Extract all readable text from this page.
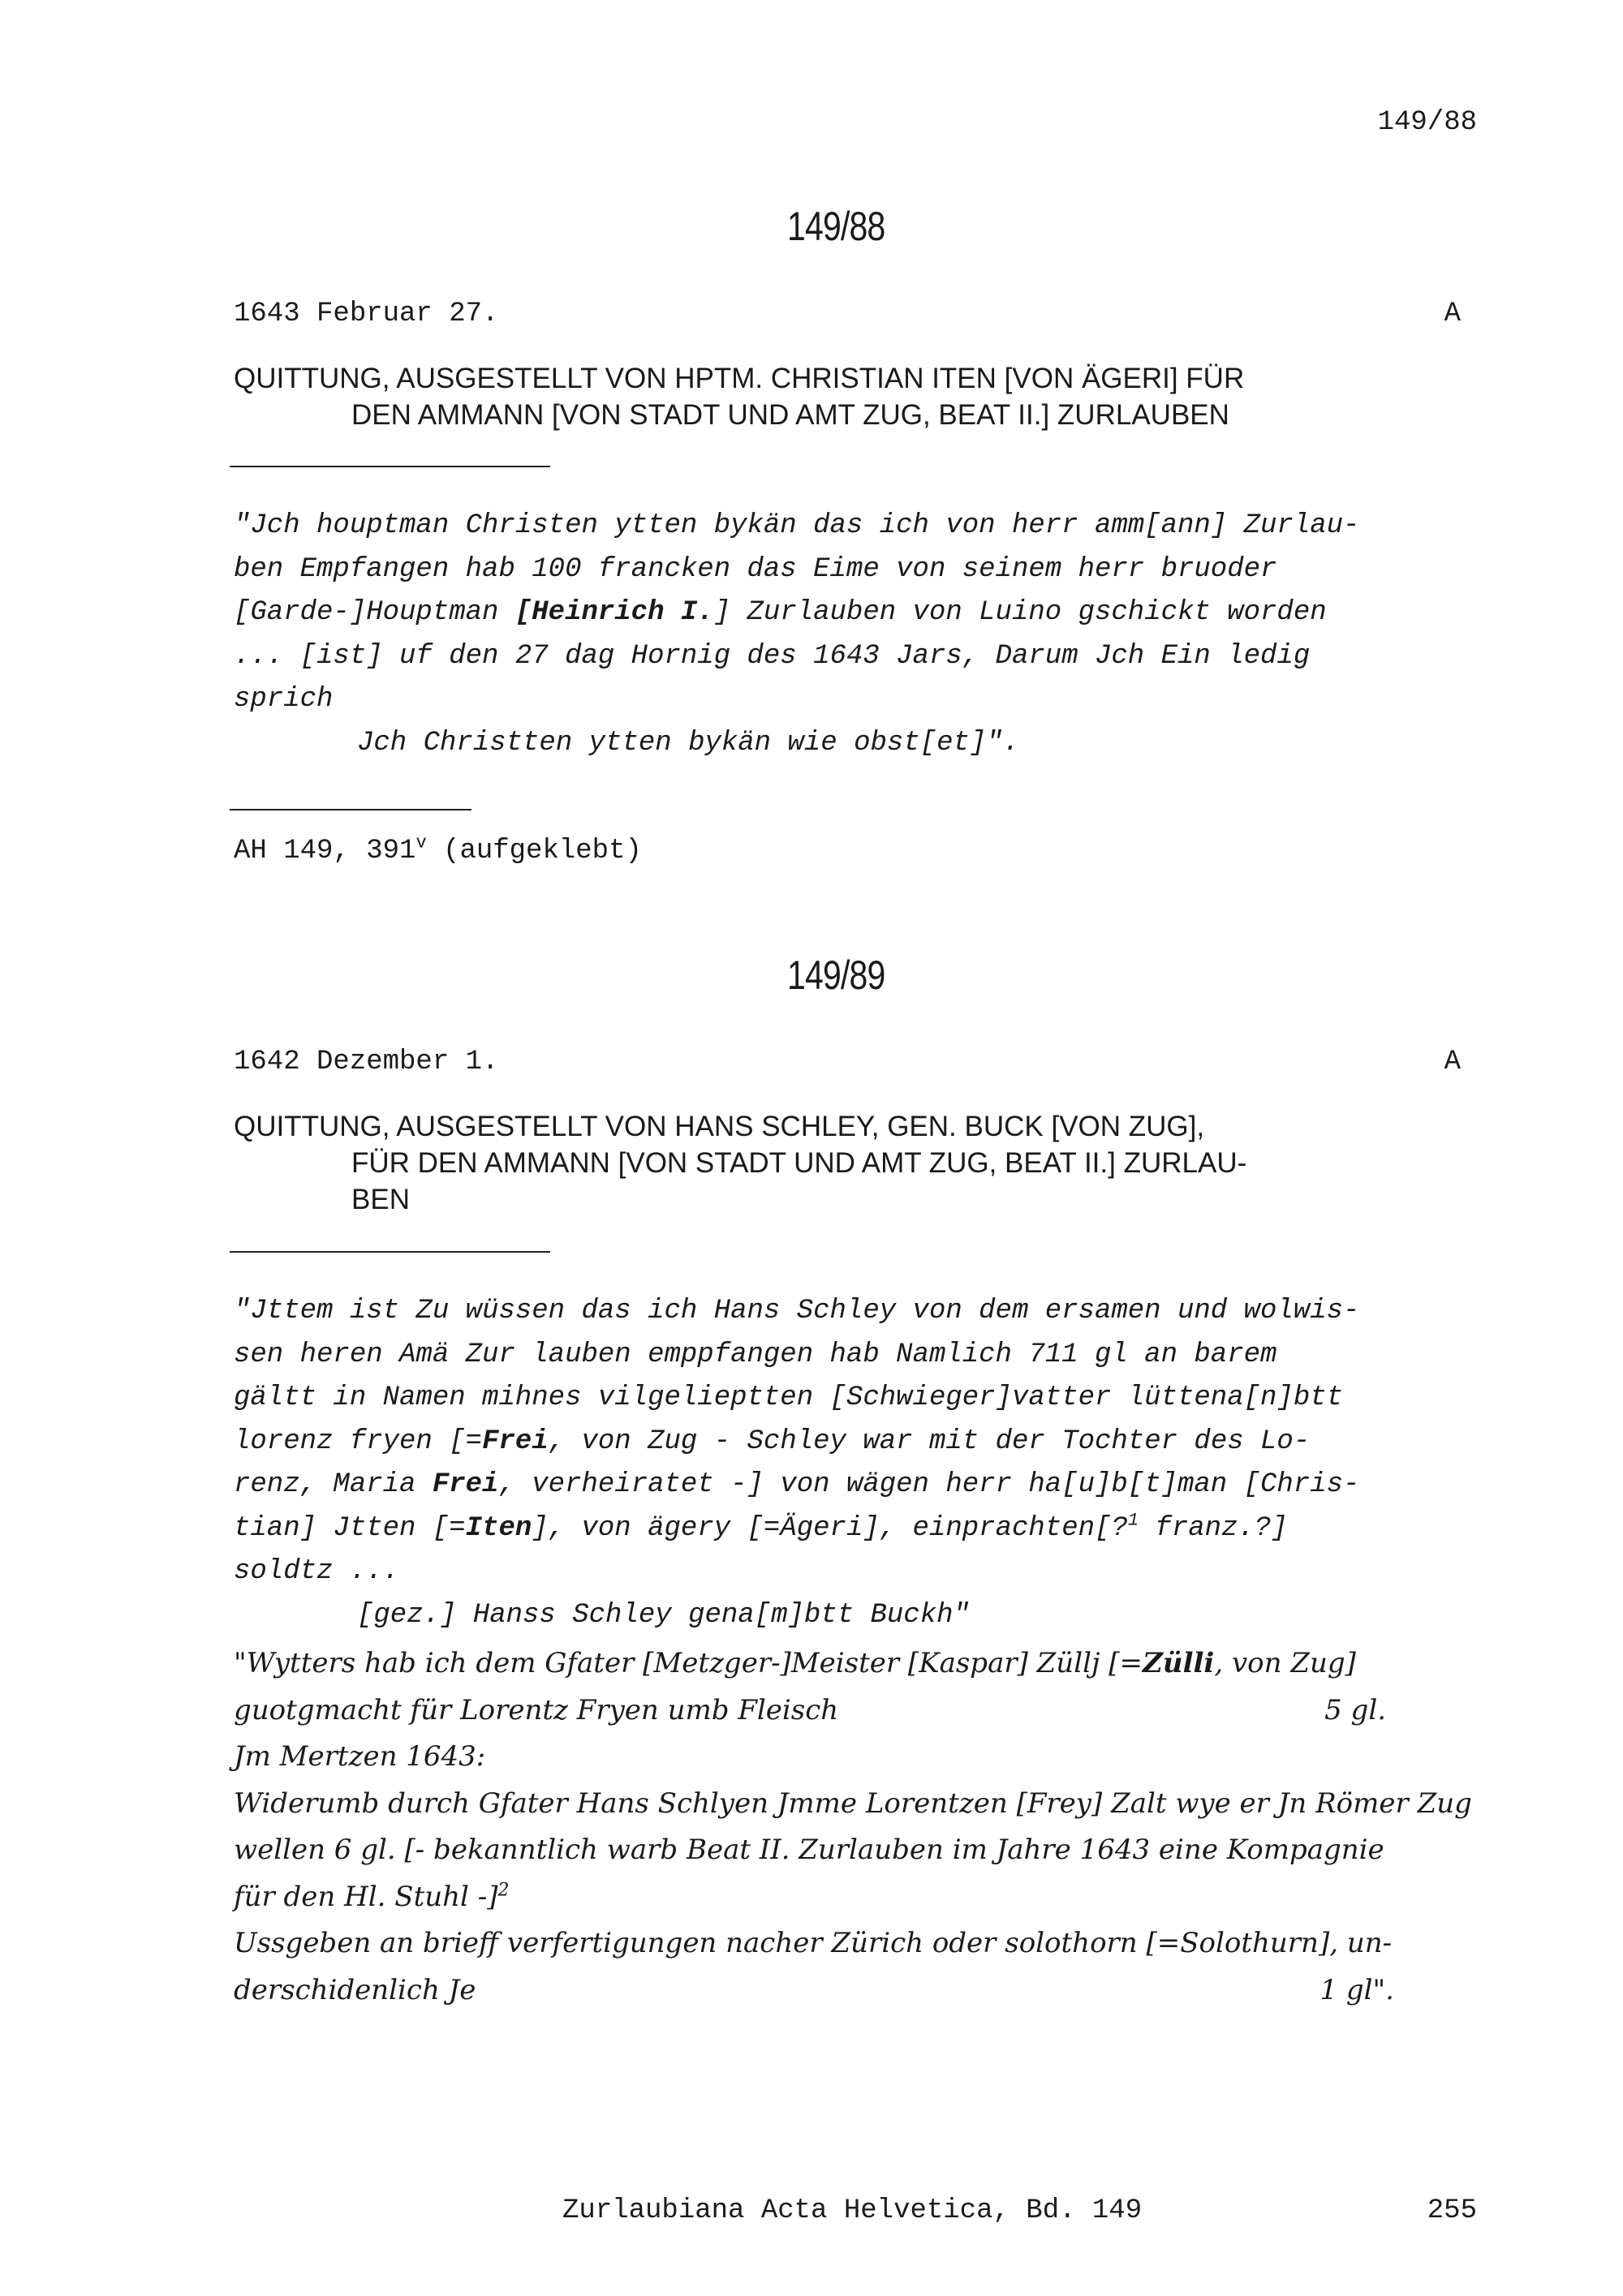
149/88
149/88
1643 Februar 27.	A
QUITTUNG, AUSGESTELLT VON HPTM. CHRISTIAN ITEN [VON ÄGERI] FÜR
DEN AMMANN [VON STADT UND AMT ZUG, BEAT II.] ZURLAUBEN
"Jch houptman Christen ytten bykän das ich von herr amm[ann] Zurlau-
ben Empfangen hab 100 francken das Eime von seinem herr bruoder
[Garde-]Houptman [Heinrich I.] Zurlauben von Luino gschickt worden
... [ist] uf den 27 dag Hornig des 1643 Jars, Darum Jch Ein ledig
sprich
Jch Christten ytten bykän wie obst[et]".
AH 149, 391$^v$ (aufgeklebt)
149/89
1642 Dezember 1.	A
QUITTUNG, AUSGESTELLT VON HANS SCHLEY, GEN. BUCK [VON ZUG],
FÜR DEN AMMANN [VON STADT UND AMT ZUG, BEAT II.] ZURLAU-
BEN
"Jttem ist Zu wüssen das ich Hans Schley von dem ersamen und wolwis-
sen heren Amä Zur lauben emppfangen hab Namlich 711 gl an barem
gältt in Namen mihnes vilgelieptten [Schwieger]vatter lüttena[n]btt
lorenz fryen [=Frei, von Zug - Schley war mit der Tochter des Lo-
renz, Maria Frei, verheiratet -] von wägen herr ha[u]b[t]man [Chris-
tian] Jtten [=Iten], von ägery [=Ägeri], einprachten[?$^1$ franz.?]
soldtz ...
[gez.] Hanss Schley gena[m]btt Buckh"
"Wytters hab ich dem Gfater [Metzger-]Meister [Kaspar] Züllj [=Zülli, von Zug]
guotgmacht für Lorentz Fryen umb Fleisch	5 gl.
Jm Mertzen 1643:
Widerumb durch Gfater Hans Schlyen Jmme Lorentzen [Frey] Zalt wye er Jn Römer Zug
wellen 6 gl. [- bekanntlich warb Beat II. Zurlauben im Jahre 1643 eine Kompagnie
für den Hl. Stuhl -]$^2$
Ussgeben an brieff verfertigungen nacher Zürich oder solothorn [=Solothurn], un-
derschidenlich Je	1 gl".
Zurlaubiana Acta Helvetica, Bd. 149	255
